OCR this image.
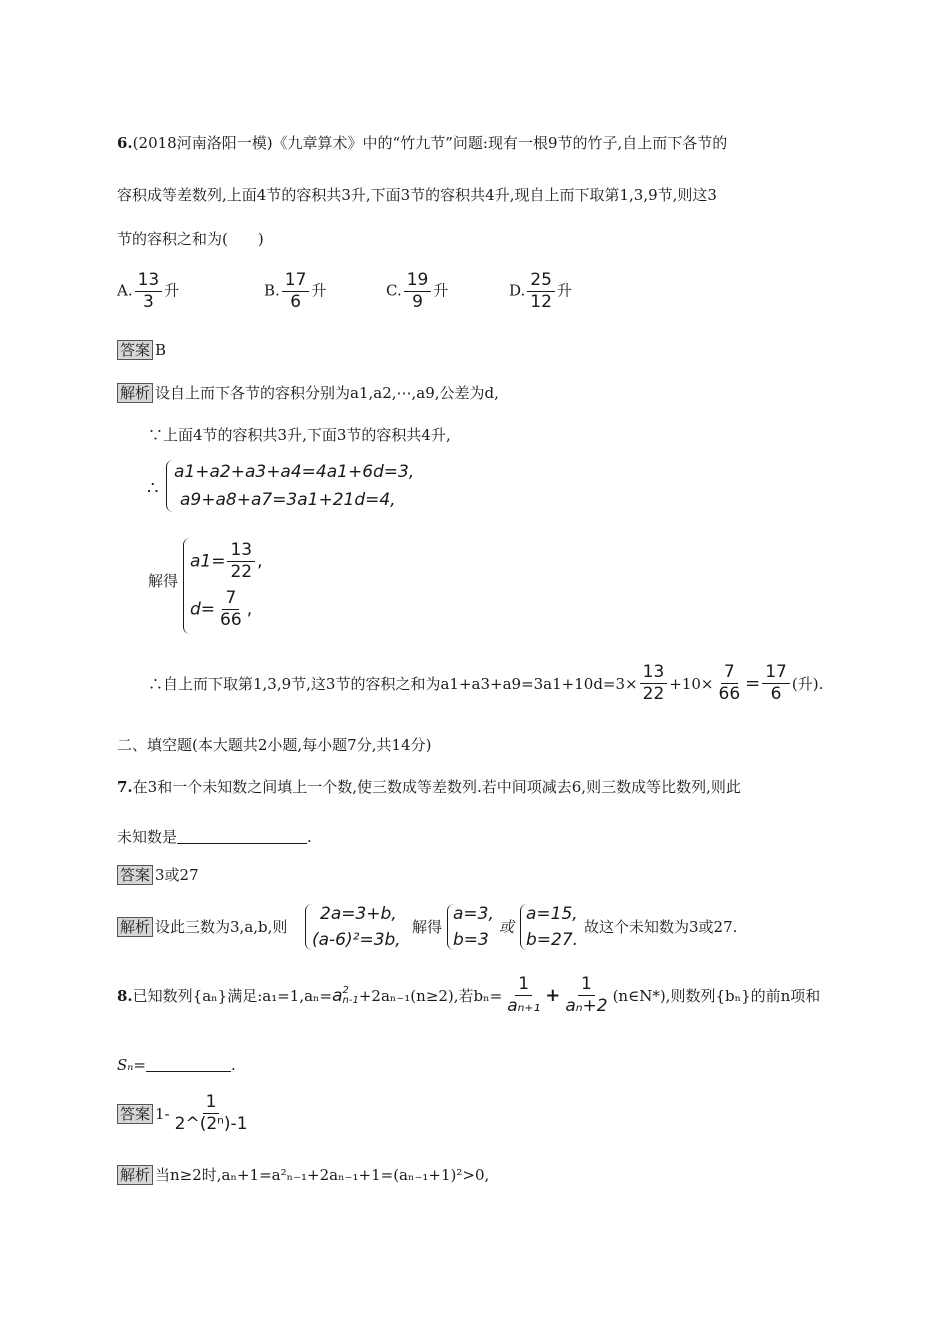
6.(2018河南洛阳一模)《九章算术》中的“竹九节”问题:现有一根9节的竹子,自上而下各节的
容积成等差数列,上面4节的容积共3升,下面3节的容积共4升,现自上而下取第1,3,9节,则这3
节的容积之和为(　　)
A. $\frac{13}{3}$ 升	B. $\frac{17}{6}$ 升	C. $\frac{19}{9}$ 升	D. $\frac{25}{12}$ 升
答案 B
解析 设自上而下各节的容积分别为a1,a2,⋯,a9,公差为d,
∵上面4节的容积共3升,下面3节的容积共4升,
∴
a1+a2+a3+a4=4a1+6d=3,
a9+a8+a7=3a1+21d=4,
解得
$a1= \frac{13}{22}$ ,
$d= \frac{7}{66}$ ,
∴自上而下取第1,3,9节,这3节的容积之和为$a1+a3+a9=3a1+10d=3\times \frac{13}{22} +10\times \frac{7}{66} = \frac{17}{6}$ (升).
二、填空题(本大题共2小题,每小题7分,共14分)
7.在3和一个未知数之间填上一个数,使三数成等差数列.若中间项减去6,则三数成等比数列,则此
未知数是	.
答案 3或27
解析 设此三数为3,a,b,则
2a=3+b,
(a-6)²=3b,
解得
a=3,
b=3
或
a=15,
b=27.
故这个未知数为3或27.
8. 已知数列{aₙ}满足:a₁=1,aₙ= a 2
n-1 +2aₙ₋₁(n≥2),若$b_n= \frac{1}{\text{aₙ₊₁}} + \frac{1}{\text{aₙ+2}}$ (n∈N*),则数列{bₙ}的前n项和
Sₙ=	.
答案 $1- \frac{1}{\text{2\textasciicircum{}(2ⁿ)-1}}$
解析 当n≥2时,aₙ+1=a²ₙ₋₁+2aₙ₋₁+1=(aₙ₋₁+1)²>0,
